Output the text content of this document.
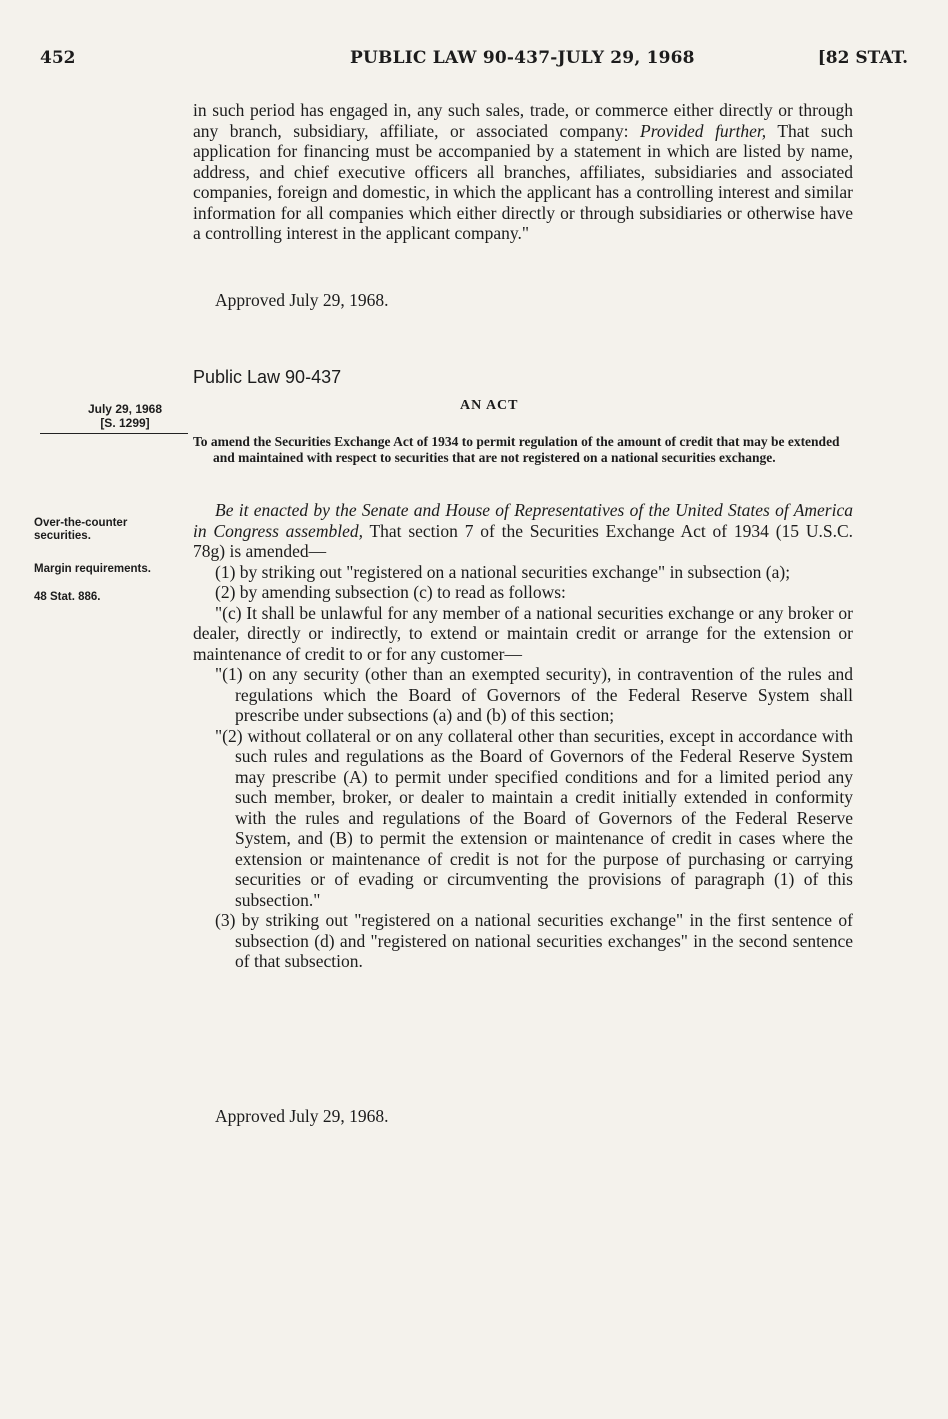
452	PUBLIC LAW 90-437-JULY 29, 1968	[82 STAT.

in such period has engaged in, any such sales, trade, or commerce either directly or through any branch, subsidiary, affiliate, or associated company: Provided further, That such application for financing must be accompanied by a statement in which are listed by name, address, and chief executive officers all branches, affiliates, subsidiaries and associated companies, foreign and domestic, in which the applicant has a controlling interest and similar information for all companies which either directly or through subsidiaries or otherwise have a controlling interest in the applicant company."

Approved July 29, 1968.
Public Law 90-437
AN ACT
July 29, 1968
[S. 1299]

To amend the Securities Exchange Act of 1934 to permit regulation of the amount of credit that may be extended and maintained with respect to securities that are not registered on a national securities exchange.

Over-the-counter securities.
Margin requirements.
48 Stat. 886.

Be it enacted by the Senate and House of Representatives of the United States of America in Congress assembled, That section 7 of the Securities Exchange Act of 1934 (15 U.S.C. 78g) is amended—

(1) by striking out "registered on a national securities exchange" in subsection (a);

(2) by amending subsection (c) to read as follows:

"(c) It shall be unlawful for any member of a national securities exchange or any broker or dealer, directly or indirectly, to extend or maintain credit or arrange for the extension or maintenance of credit to or for any customer—

"(1) on any security (other than an exempted security), in contravention of the rules and regulations which the Board of Governors of the Federal Reserve System shall prescribe under subsections (a) and (b) of this section;

"(2) without collateral or on any collateral other than securities, except in accordance with such rules and regulations as the Board of Governors of the Federal Reserve System may prescribe (A) to permit under specified conditions and for a limited period any such member, broker, or dealer to maintain a credit initially extended in conformity with the rules and regulations of the Board of Governors of the Federal Reserve System, and (B) to permit the extension or maintenance of credit in cases where the extension or maintenance of credit is not for the purpose of purchasing or carrying securities or of evading or circumventing the provisions of paragraph (1) of this subsection."

(3) by striking out "registered on a national securities exchange" in the first sentence of subsection (d) and "registered on national securities exchanges" in the second sentence of that subsection.

Approved July 29, 1968.
